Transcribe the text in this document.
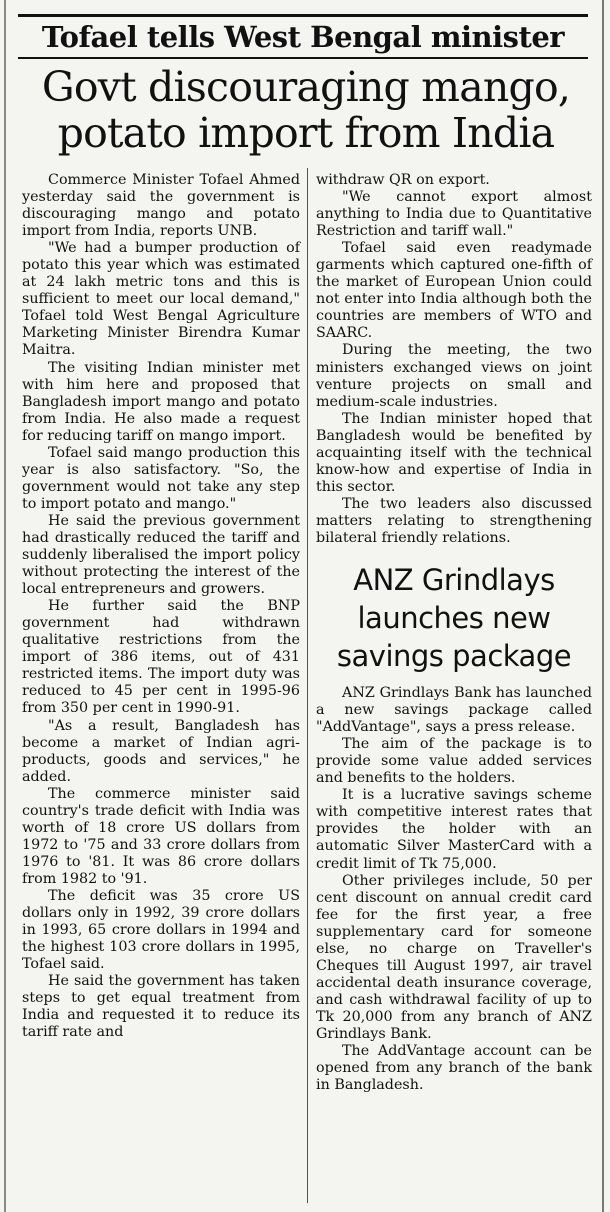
Tofael tells West Bengal minister
Govt discouraging mango,
potato import from India

Commerce Minister Tofael Ahmed yesterday said the government is discouraging mango and potato import from India, reports UNB.

"We had a bumper production of potato this year which was estimated at 24 lakh metric tons and this is sufficient to meet our local demand," Tofael told West Bengal Agriculture Marketing Minister Birendra Kumar Maitra.

The visiting Indian minister met with him here and proposed that Bangladesh import mango and potato from India. He also made a request for reducing tariff on mango import.

Tofael said mango production this year is also satisfactory. "So, the government would not take any step to import potato and mango."

He said the previous government had drastically reduced the tariff and suddenly liberalised the import policy without protecting the interest of the local entrepreneurs and growers.

He further said the BNP government had withdrawn qualitative restrictions from the import of 386 items, out of 431 restricted items. The import duty was reduced to 45 per cent in 1995-96 from 350 per cent in 1990-91.

"As a result, Bangladesh has become a market of Indian agri-products, goods and services," he added.

The commerce minister said country's trade deficit with India was worth of 18 crore US dollars from 1972 to '75 and 33 crore dollars from 1976 to '81. It was 86 crore dollars from 1982 to '91.

The deficit was 35 crore US dollars only in 1992, 39 crore dollars in 1993, 65 crore dollars in 1994 and the highest 103 crore dollars in 1995, Tofael said.

He said the government has taken steps to get equal treatment from India and requested it to reduce its tariff rate and

withdraw QR on export.

"We cannot export almost anything to India due to Quantitative Restriction and tariff wall."

Tofael said even readymade garments which captured one-fifth of the market of European Union could not enter into India although both the countries are members of WTO and SAARC.

During the meeting, the two ministers exchanged views on joint venture projects on small and medium-scale industries.

The Indian minister hoped that Bangladesh would be benefited by acquainting itself with the technical know-how and expertise of India in this sector.

The two leaders also discussed matters relating to strengthening bilateral friendly relations.

ANZ Grindlays
launches new
savings package

ANZ Grindlays Bank has launched a new savings package called "AddVantage", says a press release.

The aim of the package is to provide some value added services and benefits to the holders.

It is a lucrative savings scheme with competitive interest rates that provides the holder with an automatic Silver MasterCard with a credit limit of Tk 75,000.

Other privileges include, 50 per cent discount on annual credit card fee for the first year, a free supplementary card for someone else, no charge on Traveller's Cheques till August 1997, air travel accidental death insurance coverage, and cash withdrawal facility of up to Tk 20,000 from any branch of ANZ Grindlays Bank.

The AddVantage account can be opened from any branch of the bank in Bangladesh.
